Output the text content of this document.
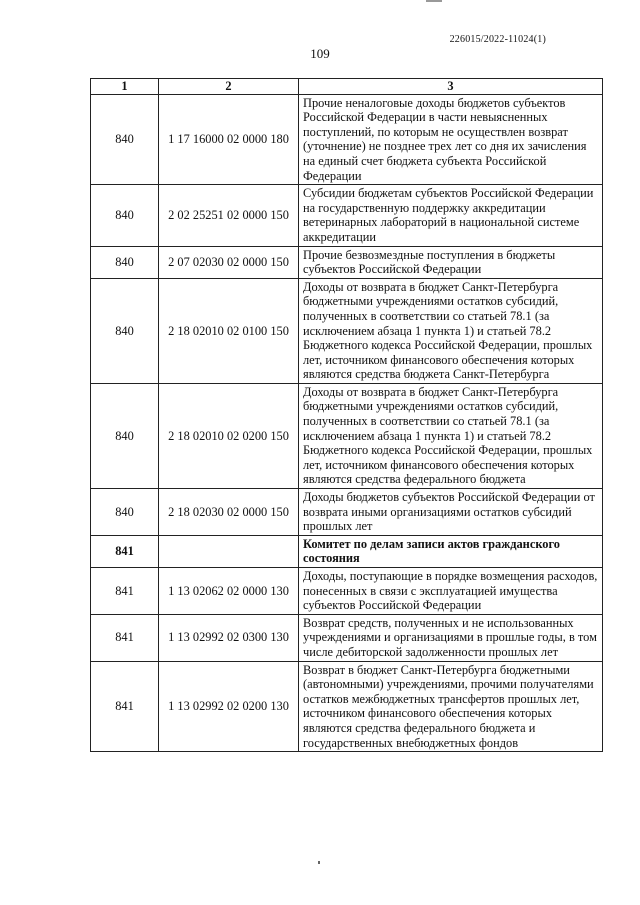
226015/2022-11024(1)
109
1	2	3
840	1 17 16000 02 0000 180	Прочие неналоговые доходы бюджетов субъектов Российской Федерации в части невыясненных поступлений, по которым не осуществлен возврат (уточнение) не позднее трех лет со дня их зачисления на единый счет бюджета субъекта Российской Федерации
840	2 02 25251 02 0000 150	Субсидии бюджетам субъектов Российской Федерации на государственную поддержку аккредитации ветеринарных лабораторий в национальной системе аккредитации
840	2 07 02030 02 0000 150	Прочие безвозмездные поступления в бюджеты субъектов Российской Федерации
840	2 18 02010 02 0100 150	Доходы от возврата в бюджет Санкт-Петербурга бюджетными учреждениями остатков субсидий, полученных в соответствии со статьей 78.1 (за исключением абзаца 1 пункта 1) и статьей 78.2 Бюджетного кодекса Российской Федерации, прошлых лет, источником финансового обеспечения которых являются средства бюджета Санкт-Петербурга
840	2 18 02010 02 0200 150	Доходы от возврата в бюджет Санкт-Петербурга бюджетными учреждениями остатков субсидий, полученных в соответствии со статьей 78.1 (за исключением абзаца 1 пункта 1) и статьей 78.2 Бюджетного кодекса Российской Федерации, прошлых лет, источником финансового обеспечения которых являются средства федерального бюджета
840	2 18 02030 02 0000 150	Доходы бюджетов субъектов Российской Федерации от возврата иными организациями остатков субсидий прошлых лет
841		Комитет по делам записи актов гражданского состояния
841	1 13 02062 02 0000 130	Доходы, поступающие в порядке возмещения расходов, понесенных в связи с эксплуатацией имущества субъектов Российской Федерации
841	1 13 02992 02 0300 130	Возврат средств, полученных и не использованных учреждениями и организациями в прошлые годы, в том числе дебиторской задолженности прошлых лет
841	1 13 02992 02 0200 130	Возврат в бюджет Санкт-Петербурга бюджетными (автономными) учреждениями, прочими получателями остатков межбюджетных трансфертов прошлых лет, источником финансового обеспечения которых являются средства федерального бюджета и государственных внебюджетных фондов
